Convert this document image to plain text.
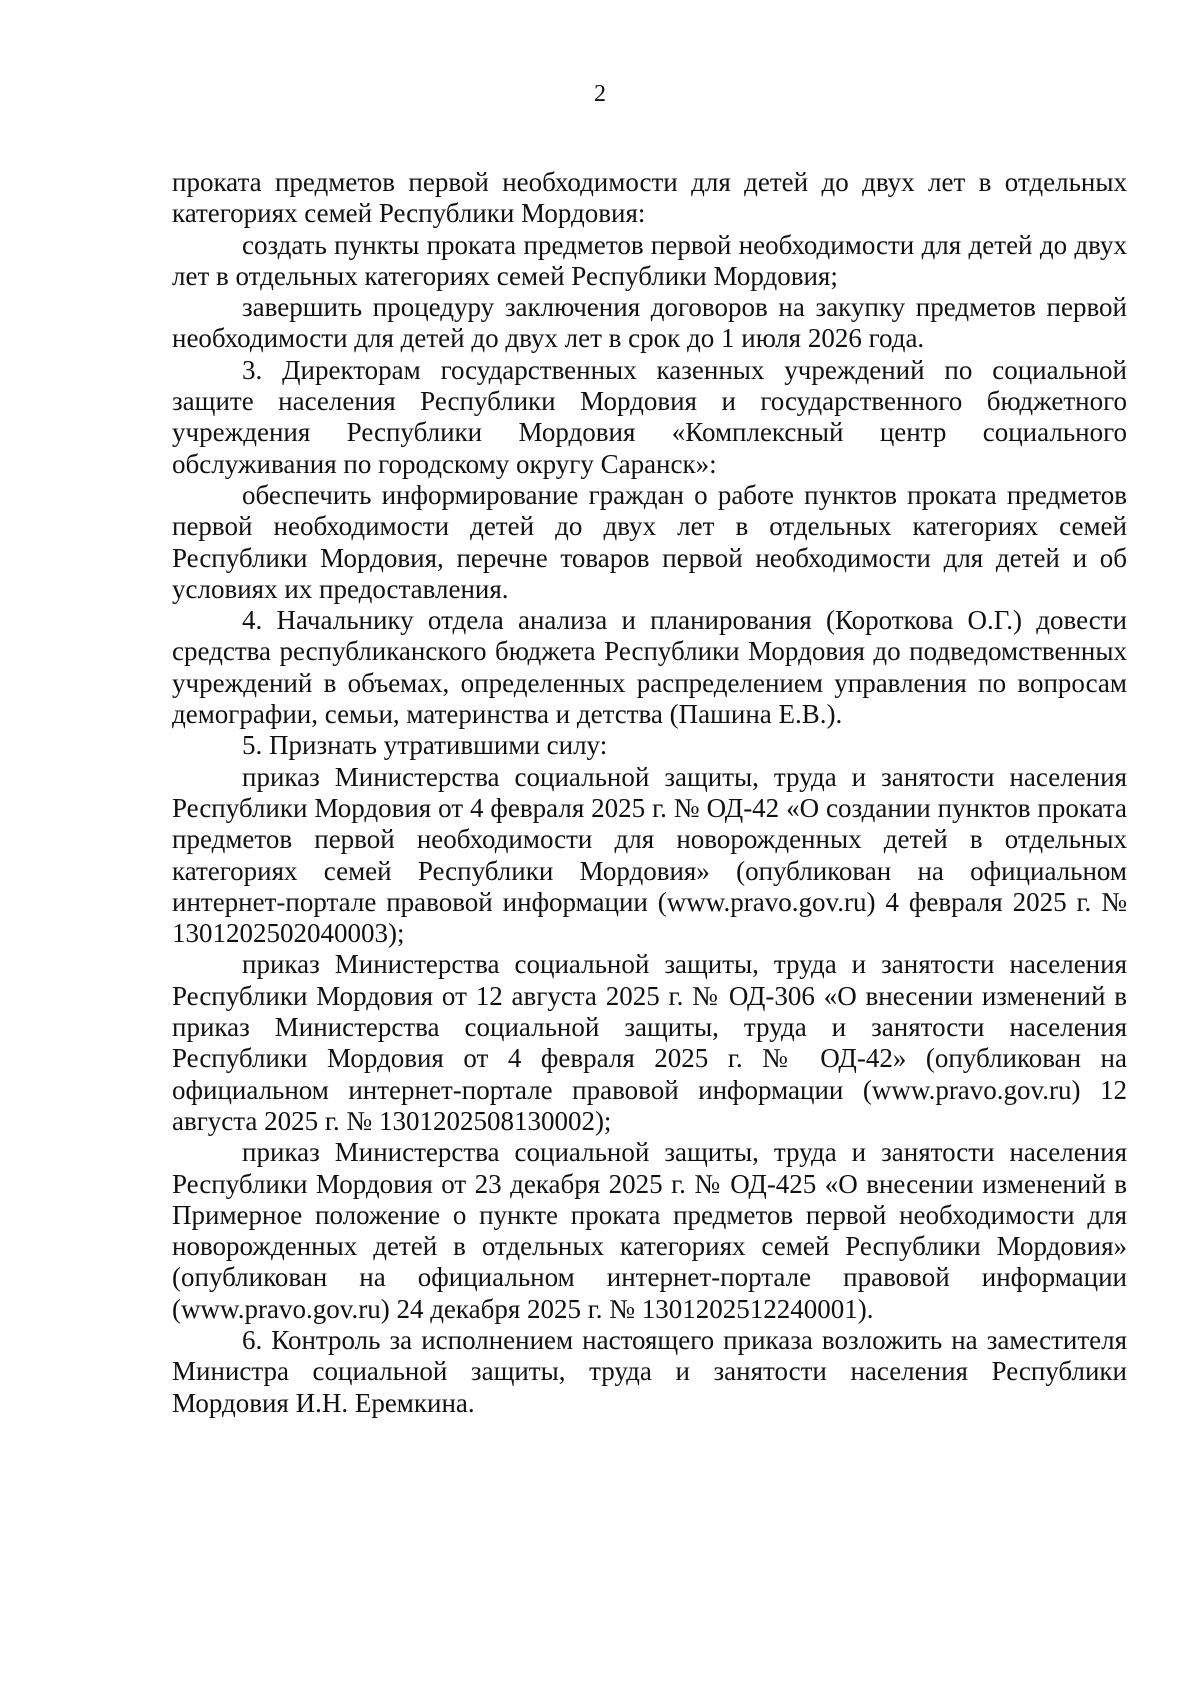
2

проката предметов первой необходимости для детей до двух лет в отдельных категориях семей Республики Мордовия:

создать пункты проката предметов первой необходимости для детей до двух лет в отдельных категориях семей Республики Мордовия;

завершить процедуру заключения договоров на закупку предметов первой необходимости для детей до двух лет в срок до 1 июля 2026 года.

3. Директорам государственных казенных учреждений по социальной защите населения Республики Мордовия и государственного бюджетного учреждения Республики Мордовия «Комплексный центр социального обслуживания по городскому округу Саранск»:

обеспечить информирование граждан о работе пунктов проката предметов первой необходимости детей до двух лет в отдельных категориях семей Республики Мордовия, перечне товаров первой необходимости для детей и об условиях их предоставления.

4. Начальнику отдела анализа и планирования (Короткова О.Г.) довести средства республиканского бюджета Республики Мордовия до подведомственных учреждений в объемах, определенных распределением управления по вопросам демографии, семьи, материнства и детства (Пашина Е.В.).

5. Признать утратившими силу:

приказ Министерства социальной защиты, труда и занятости населения Республики Мордовия от 4 февраля 2025 г. № ОД-42 «О создании пунктов проката предметов первой необходимости для новорожденных детей в отдельных категориях семей Республики Мордовия» (опубликован на официальном интернет-портале правовой информации (www.pravo.gov.ru) 4 февраля 2025 г. № 1301202502040003);

приказ Министерства социальной защиты, труда и занятости населения Республики Мордовия от 12 августа 2025 г. № ОД-306 «О внесении изменений в приказ Министерства социальной защиты, труда и занятости населения Республики Мордовия от 4 февраля 2025 г. № ОД-42» (опубликован на официальном интернет-портале правовой информации (www.pravo.gov.ru) 12 августа 2025 г. № 1301202508130002);

приказ Министерства социальной защиты, труда и занятости населения Республики Мордовия от 23 декабря 2025 г. № ОД-425 «О внесении изменений в Примерное положение о пункте проката предметов первой необходимости для новорожденных детей в отдельных категориях семей Республики Мордовия» (опубликован на официальном интернет-портале правовой информации (www.pravo.gov.ru) 24 декабря 2025 г. № 1301202512240001).

6. Контроль за исполнением настоящего приказа возложить на заместителя Министра социальной защиты, труда и занятости населения Республики Мордовия И.Н. Еремкина.
